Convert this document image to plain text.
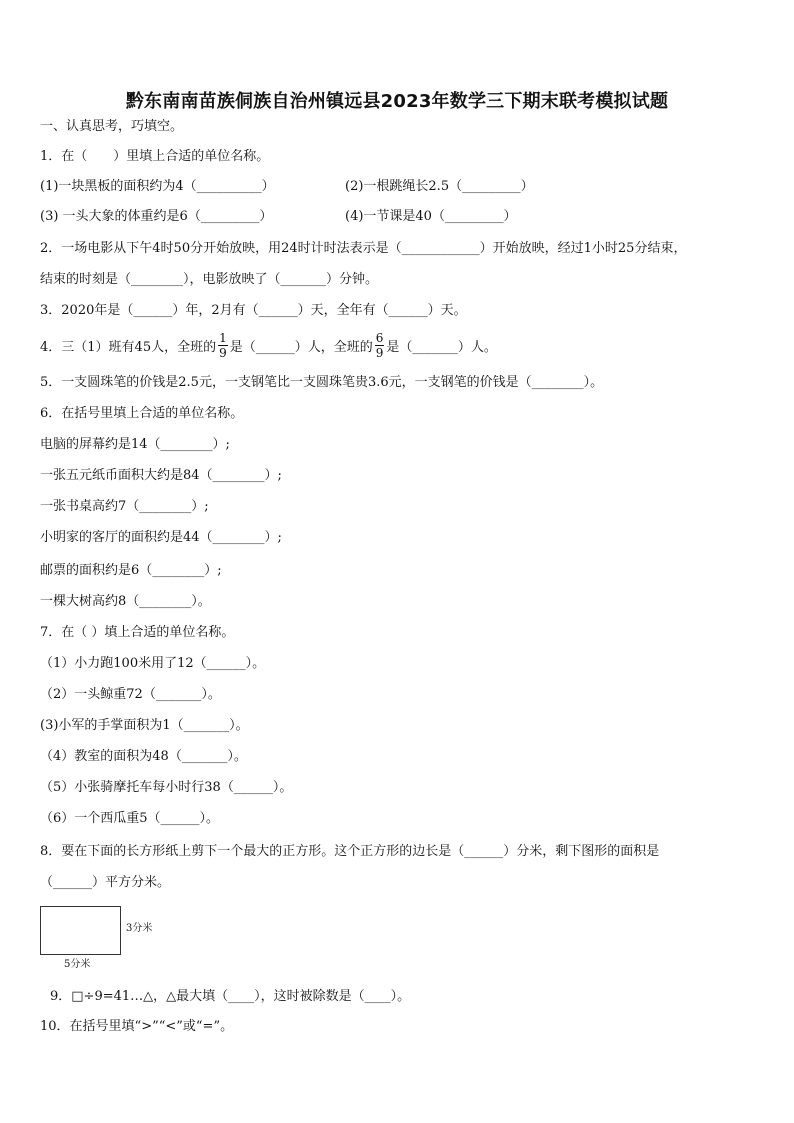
黔东南南苗族侗族自治州镇远县2023年数学三下期末联考模拟试题
一、认真思考，巧填空。
1．在（　　）里填上合适的单位名称。
(1)一块黑板的面积约为4（__________）	(2)一根跳绳长2.5（_________）
(3) 一头大象的体重约是6（_________）	(4)一节课是40（_________）
2．一场电影从下午4时50分开始放映，用24时计时法表示是（____________）开始放映，经过1小时25分结束，
结束的时刻是（________），电影放映了（_______）分钟。
3．2020年是（______）年，2月有（______）天，全年有（______）天。
4．三（1）班有45人，全班的 $\frac{1}{9}$ 是（______）人，全班的 $\frac{6}{9}$ 是（_______）人。
5．一支圆珠笔的价钱是2.5元，一支钢笔比一支圆珠笔贵3.6元，一支钢笔的价钱是（________）。
6．在括号里填上合适的单位名称。
电脑的屏幕约是14（________）;
一张五元纸币面积大约是84（________）;
一张书桌高约7（________）;
小明家的客厅的面积约是44（________）;
邮票的面积约是6（________）;
一棵大树高约8（________）。
7．在（ ）填上合适的单位名称。
（1）小力跑100米用了12（______）。
（2）一头鲸重72（_______）。
(3)小军的手掌面积为1（_______）。
（4）教室的面积为48（_______）。
（5）小张骑摩托车每小时行38（______）。
（6）一个西瓜重5（______）。
8．要在下面的长方形纸上剪下一个最大的正方形。这个正方形的边长是（______）分米，剩下图形的面积是
（______）平方分米。
3分米
5分米
9．□÷9=41…△，△最大填（____），这时被除数是（____）。
10．在括号里填“>”“<”或“=”。
